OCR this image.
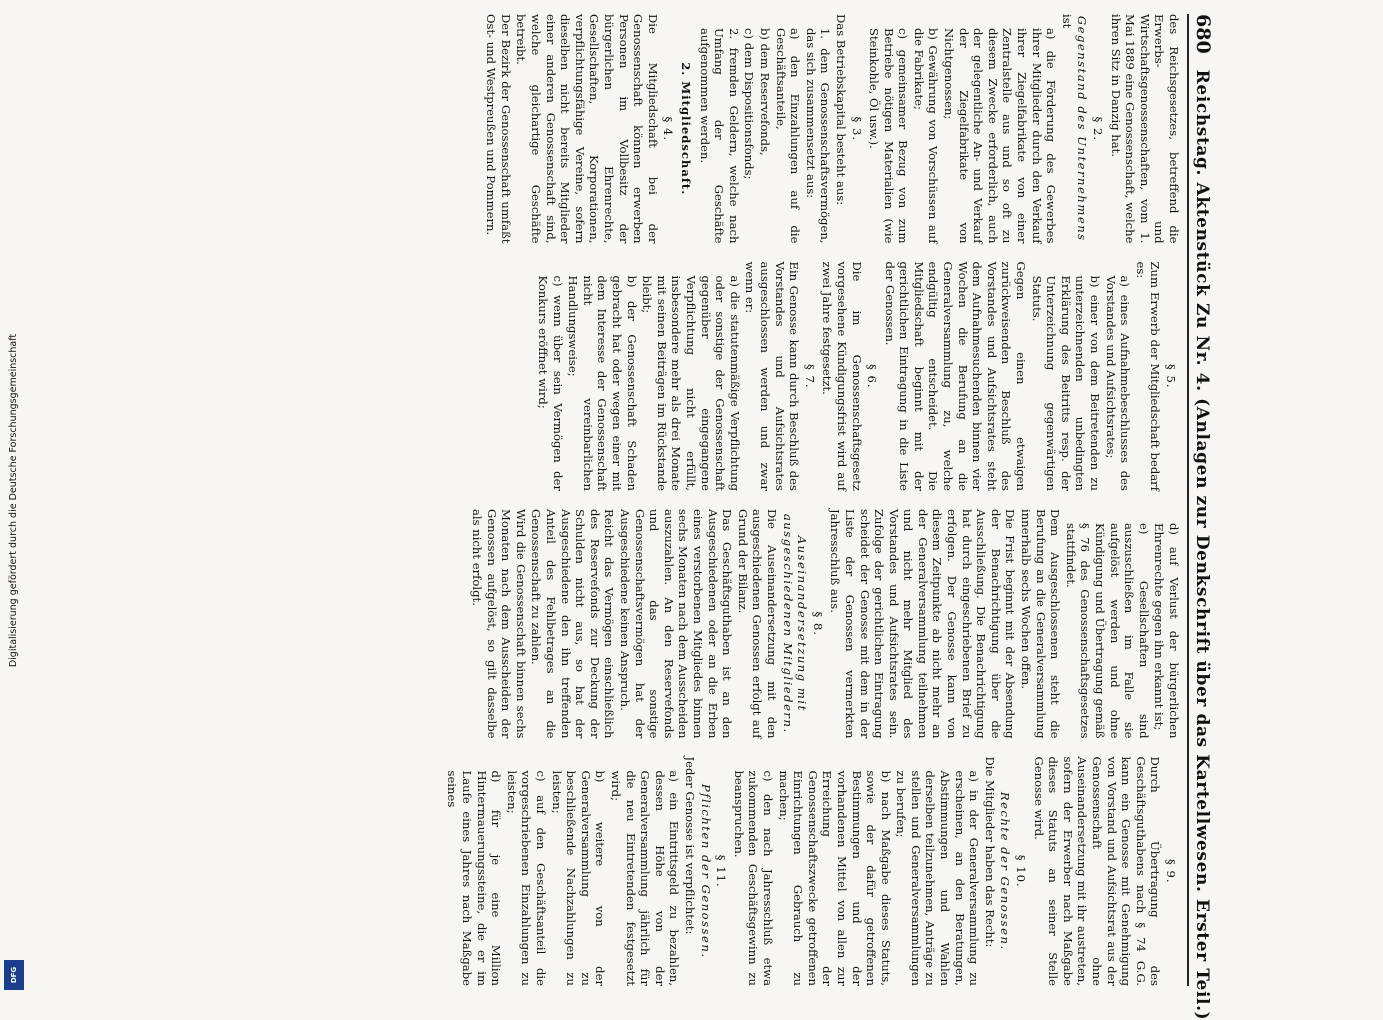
Digitalisierung gefördert durch die Deutsche Forschungsgemeinschaft
DFG
680
Reichstag. Aktenstück Zu Nr. 4. (Anlagen zur Denkschrift über das Kartellwesen. Erster Teil.)

des Reichsgesetzes, betreffend die Erwerbs- und Wirtschaftsgenossenschaften, vom 1. Mai 1889 eine Genossenschaft, welche ihren Sitz in Danzig hat.

§ 2.

Gegenstand des Unternehmens

ist

a) die Förderung des Gewerbes ihrer Mitglieder durch den Verkauf ihrer Ziegelfabrikate von einer Zentralstelle aus und so oft zu diesem Zwecke erforderlich, auch der gelegentliche An- und Verkauf der Ziegelfabrikate von Nichtgenossen;

b) Gewährung von Vorschüssen auf die Fabrikate;

c) gemeinsamer Bezug von zum Betriebe nötigen Materialien (wie Steinkohle, Öl usw.).

§ 3.

Das Betriebskapital besteht aus:

1. dem Genossenschaftsvermögen, das sich zusammensetzt aus:

a) den Einzahlungen auf die Geschäftsanteile,

b) dem Reservefonds,

c) dem Dispositionsfonds;

2. fremden Geldern, welche nach Umfang der Geschäfte aufgenommen werden.

2. Mitgliedschaft.

§ 4.

Die Mitgliedschaft bei der Genossenschaft können erwerben Personen im Vollbesitz der bürgerlichen Ehrenrechte, Gesellschaften, Korporationen, verpflichtungsfähige Vereine, sofern dieselben nicht bereits Mitglieder einer anderen Genossenschaft sind, welche gleichartige Geschäfte betreibt.

Der Bezirk der Genossenschaft umfaßt Ost- und Westpreußen und Pommern.

§ 5.

Zum Erwerb der Mitgliedschaft bedarf es:

a) eines Aufnahmebeschlusses des Vorstandes und Aufsichtsrates;

b) einer von dem Beitretenden zu unterzeichnenden unbedingten Erklärung des Beitritts resp. der Unterzeichnung gegenwärtigen Statuts.

Gegen einen etwaigen zurückweisenden Beschluß des Vorstandes und Aufsichtsrates steht dem Aufnahmesuchenden binnen vier Wochen die Berufung an die Generalversammlung zu, welche endgültig entscheidet. Die Mitgliedschaft beginnt mit der gerichtlichen Eintragung in die Liste der Genossen.

§ 6.

Die im Genossenschaftsgesetz vorgesehene Kündigungsfrist wird auf zwei Jahre festgesetzt.

§ 7.

Ein Genosse kann durch Beschluß des Vorstandes und Aufsichtsrates ausgeschlossen werden und zwar wenn er:

a) die statutenmäßige Verpflichtung oder sonstige der Genossenschaft gegenüber eingegangene Verpflichtung nicht erfüllt, insbesondere mehr als drei Monate mit seinen Beiträgen im Rückstande bleibt;

b) der Genossenschaft Schaden gebracht hat oder wegen einer mit dem Interesse der Genossenschaft nicht vereinbarlichen Handlungsweise;

c) wenn über sein Vermögen der Konkurs eröffnet wird;

d) auf Verlust der bürgerlichen Ehrenrechte gegen ihn erkannt ist;

e) Gesellschaften sind auszuschließen im Falle sie aufgelöst werden und ohne Kündigung und Übertragung gemäß § 76 des Genossenschaftsgesetzes stattfindet.

Dem Ausgeschlossenen steht die Berufung an die Generalversammlung innerhalb sechs Wochen offen.

Die Frist beginnt mit der Absendung der Benachrichtigung über die Ausschließung. Die Benachrichtigung hat durch eingeschriebenen Brief zu erfolgen. Der Genosse kann von diesem Zeitpunkte ab nicht mehr an der Generalversammlung teilnehmen und nicht mehr Mitglied des Vorstandes und Aufsichtsrates sein. Zufolge der gerichtlichen Eintragung scheidet der Genosse mit dem in der Liste der Genossen vermerkten Jahresschluß aus.

§ 8.

Auseinandersetzung mit ausgeschiedenen Mitgliedern.

Die Auseinandersetzung mit den ausgeschiedenen Genossen erfolgt auf Grund der Bilanz.

Das Geschäftsguthaben ist an den Ausgeschiedenen oder an die Erben eines verstorbenen Mitgliedes binnen sechs Monaten nach dem Ausscheiden auszuzahlen. An den Reservefonds und das sonstige Genossenschaftsvermögen hat der Ausgeschiedene keinen Anspruch.

Reicht das Vermögen einschließlich des Reservefonds zur Deckung der Schulden nicht aus, so hat der Ausgeschiedene den ihn treffenden Anteil des Fehlbetrages an die Genossenschaft zu zahlen.

Wird die Genossenschaft binnen sechs Monaten nach dem Ausscheiden der Genossen aufgelöst, so gilt dasselbe als nicht erfolgt.

§ 9.

Durch Übertragung des Geschäftsguthabens nach § 74 G.G. kann ein Genosse mit Genehmigung von Vorstand und Aufsichtsrat aus der Genossenschaft ohne Auseinandersetzung mit ihr austreten, sofern der Erwerber nach Maßgabe dieses Statuts an seiner Stelle Genosse wird.

§ 10.

Rechte der Genossen.

Die Mitglieder haben das Recht:

a) in der Generalversammlung zu erscheinen, an den Beratungen, Abstimmungen und Wahlen derselben teilzunehmen, Anträge zu stellen und Generalversammlungen zu berufen;

b) nach Maßgabe dieses Statuts, sowie der dafür getroffenen Bestimmungen und der vorhandenen Mittel von allen zur Erreichung der Genossenschaftszwecke getroffenen Einrichtungen Gebrauch zu machen;

c) den nach Jahresschluß etwa zukommenden Geschäftsgewinn zu beanspruchen.

§ 11.

Pflichten der Genossen.

Jeder Genosse ist verpflichtet:

a) ein Eintrittsgeld zu bezahlen, dessen Höhe von der Generalversammlung jährlich für die neu Eintretenden festgesetzt wird;

b) weitere von der Generalversammlung zu beschließende Nachzahlungen zu leisten;

c) auf den Geschäftsanteil die vorgeschriebenen Einzahlungen zu leisten;

d) für je eine Million Hintermauerungssteine, die er im Laufe eines Jahres nach Maßgabe seines
